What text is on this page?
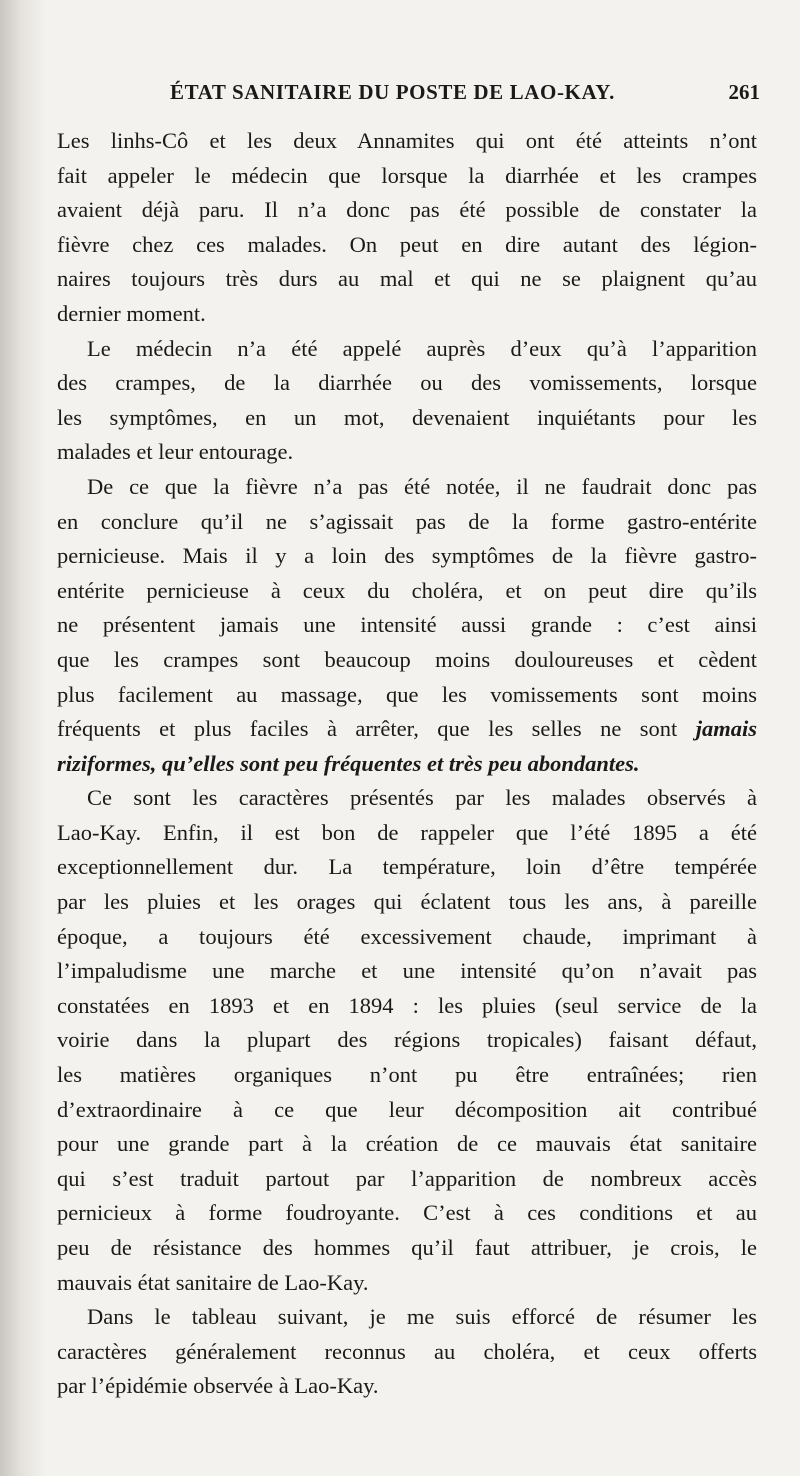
ÉTAT SANITAIRE DU POSTE DE LAO-KAY.	261
Les linhs-Cô et les deux Annamites qui ont été atteints n’ont
fait appeler le médecin que lorsque la diarrhée et les crampes
avaient déjà paru. Il n’a donc pas été possible de constater la
fièvre chez ces malades. On peut en dire autant des légion-
naires toujours très durs au mal et qui ne se plaignent qu’au
dernier moment.
Le médecin n’a été appelé auprès d’eux qu’à l’apparition
des crampes, de la diarrhée ou des vomissements, lorsque
les symptômes, en un mot, devenaient inquiétants pour les
malades et leur entourage.
De ce que la fièvre n’a pas été notée, il ne faudrait donc pas
en conclure qu’il ne s’agissait pas de la forme gastro-entérite
pernicieuse. Mais il y a loin des symptômes de la fièvre gastro-
entérite pernicieuse à ceux du choléra, et on peut dire qu’ils
ne présentent jamais une intensité aussi grande : c’est ainsi
que les crampes sont beaucoup moins douloureuses et cèdent
plus facilement au massage, que les vomissements sont moins
fréquents et plus faciles à arrêter, que les selles ne sont jamais
riziformes, qu’elles sont peu fréquentes et très peu abondantes.
Ce sont les caractères présentés par les malades observés à
Lao-Kay. Enfin, il est bon de rappeler que l’été 1895 a été
exceptionnellement dur. La température, loin d’être tempérée
par les pluies et les orages qui éclatent tous les ans, à pareille
époque, a toujours été excessivement chaude, imprimant à
l’impaludisme une marche et une intensité qu’on n’avait pas
constatées en 1893 et en 1894 : les pluies (seul service de la
voirie dans la plupart des régions tropicales) faisant défaut,
les matières organiques n’ont pu être entraînées; rien
d’extraordinaire à ce que leur décomposition ait contribué
pour une grande part à la création de ce mauvais état sanitaire
qui s’est traduit partout par l’apparition de nombreux accès
pernicieux à forme foudroyante. C’est à ces conditions et au
peu de résistance des hommes qu’il faut attribuer, je crois, le
mauvais état sanitaire de Lao-Kay.
Dans le tableau suivant, je me suis efforcé de résumer les
caractères généralement reconnus au choléra, et ceux offerts
par l’épidémie observée à Lao-Kay.
